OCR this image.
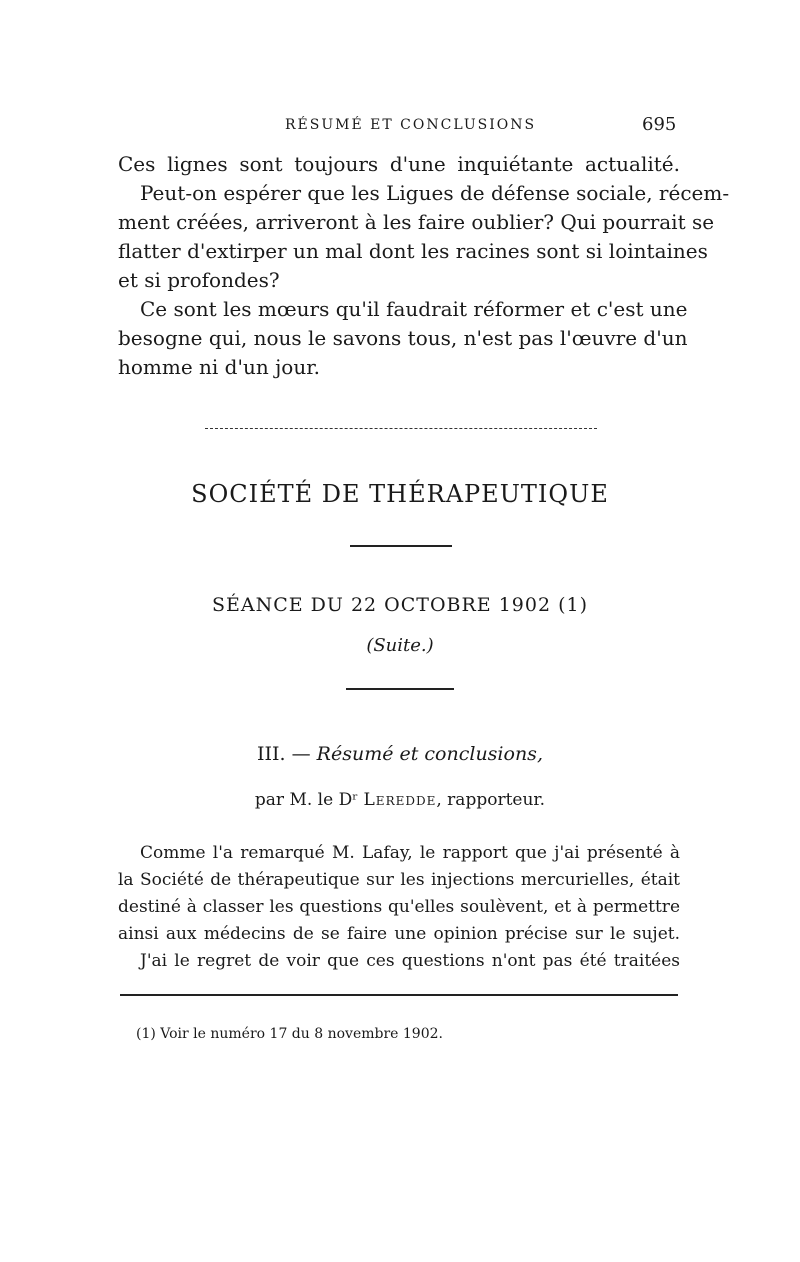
RÉSUMÉ ET CONCLUSIONS	695
Ces lignes sont toujours d'une inquiétante actualité.
Peut-on espérer que les Ligues de défense sociale, récem-
ment créées, arriveront à les faire oublier? Qui pourrait se
flatter d'extirper un mal dont les racines sont si lointaines
et si profondes?
Ce sont les mœurs qu'il faudrait réformer et c'est une
besogne qui, nous le savons tous, n'est pas l'œuvre d'un
homme ni d'un jour.
SOCIÉTÉ DE THÉRAPEUTIQUE
SÉANCE DU 22 OCTOBRE 1902 (1)
(Suite.)
III. — Résumé et conclusions,
par M. le Dʳ Leredde, rapporteur.
Comme l'a remarqué M. Lafay, le rapport que j'ai présenté à
la Société de thérapeutique sur les injections mercurielles, était
destiné à classer les questions qu'elles soulèvent, et à permettre
ainsi aux médecins de se faire une opinion précise sur le sujet.
J'ai le regret de voir que ces questions n'ont pas été traitées
(1) Voir le numéro 17 du 8 novembre 1902.
